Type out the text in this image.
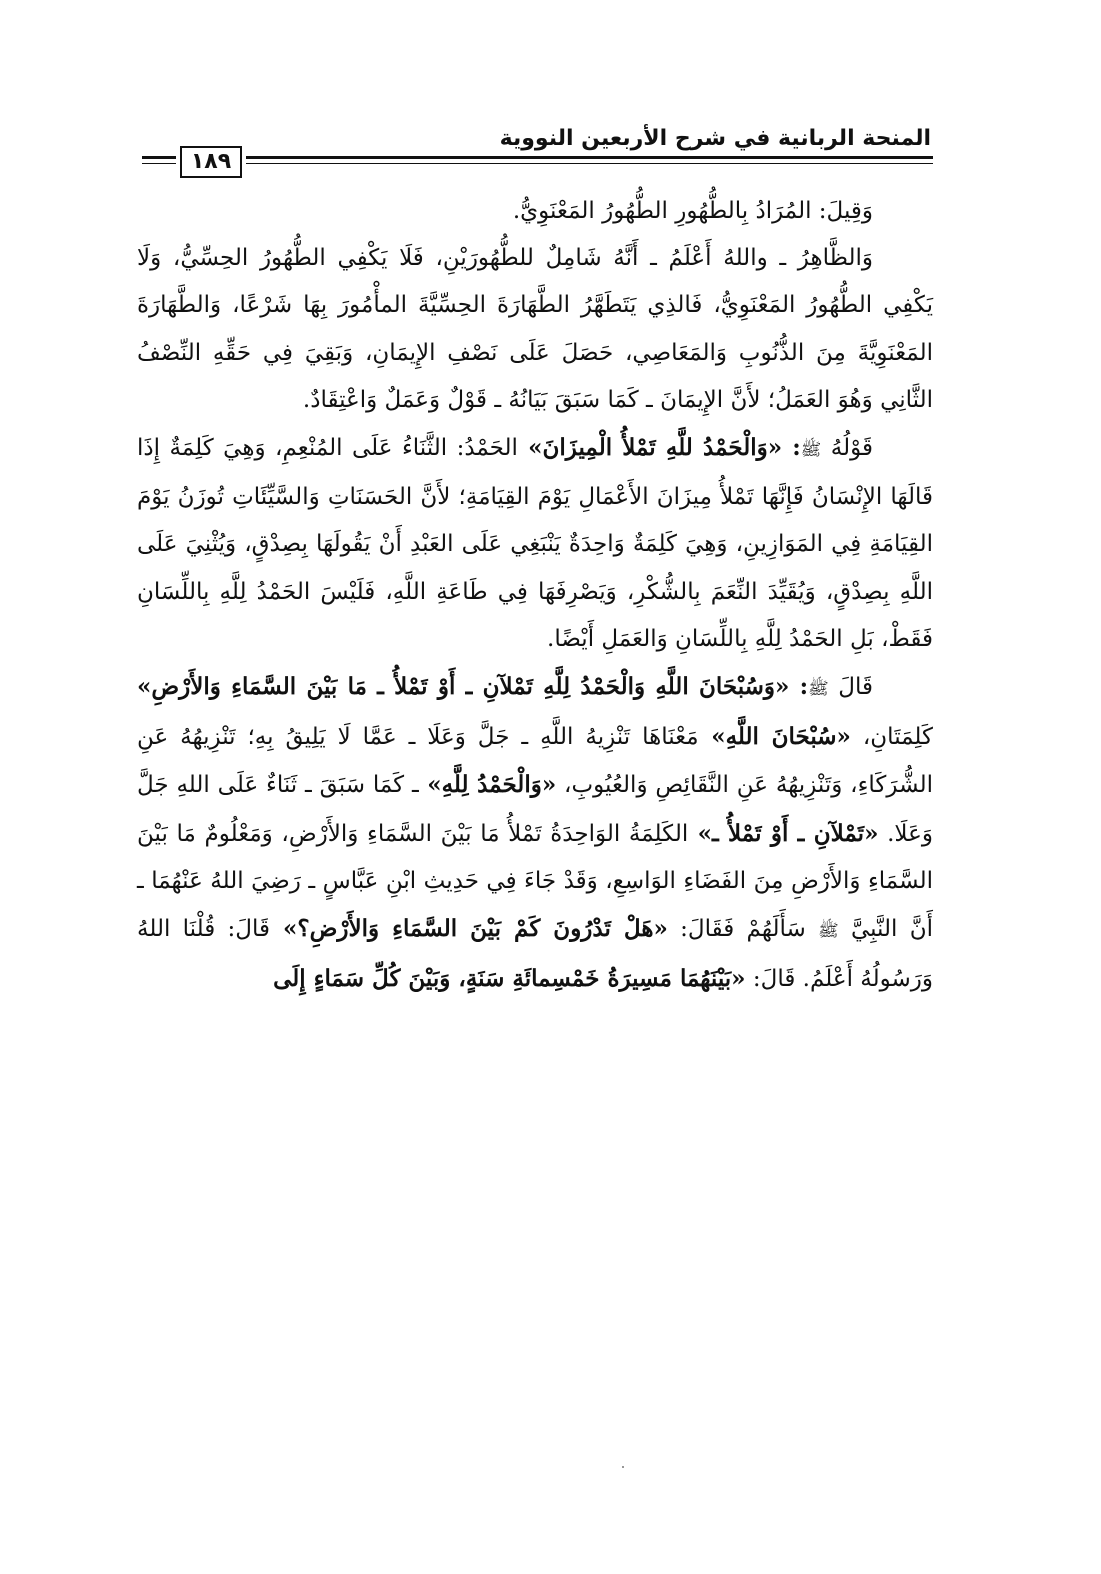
المنحة الربانية في شرح الأربعين النووية
١٨٩

وَقِيلَ: المُرَادُ بِالطُّهُورِ الطُّهُورُ المَعْنَوِيُّ.

وَالظَّاهِرُ ـ واللهُ أَعْلَمُ ـ أَنَّهُ شَامِلٌ للطُّهُورَيْنِ، فَلَا يَكْفِي الطُّهُورُ الحِسِّيُّ، وَلَا يَكْفِي الطُّهُورُ المَعْنَوِيُّ، فَالذِي يَتَطَهَّرُ الطَّهَارَةَ الحِسِّيَّةَ المأْمُورَ بِهَا شَرْعًا، وَالطَّهَارَةَ المَعْنَوِيَّةَ مِنَ الذُّنُوبِ وَالمَعَاصِي، حَصَلَ عَلَى نَصْفِ الإِيمَانِ، وَبَقِيَ فِي حَقِّهِ النِّصْفُ الثَّانِي وَهُوَ العَمَلُ؛ لأَنَّ الإِيمَانَ ـ كَمَا سَبَقَ بَيَانُهُ ـ قَوْلٌ وَعَمَلٌ وَاعْتِقَادٌ.

قَوْلُهُ ﷺ: «وَالْحَمْدُ للَّهِ تَمْلأُ الْمِيزَانَ» الحَمْدُ: الثَّنَاءُ عَلَى المُنْعِمِ، وَهِيَ كَلِمَةٌ إِذَا قَالَهَا الإِنْسَانُ فَإِنَّهَا تَمْلأُ مِيزَانَ الأَعْمَالِ يَوْمَ القِيَامَةِ؛ لأَنَّ الحَسَنَاتِ وَالسَّيِّئَاتِ تُوزَنُ يَوْمَ القِيَامَةِ فِي المَوَازِينِ، وَهِيَ كَلِمَةٌ وَاحِدَةٌ يَنْبَغِي عَلَى العَبْدِ أَنْ يَقُولَهَا بِصِدْقٍ، وَيُثْنِيَ عَلَى اللَّهِ بِصِدْقٍ، وَيُقَيِّدَ النِّعَمَ بِالشُّكْرِ، وَيَصْرِفَهَا فِي طَاعَةِ اللَّهِ، فَلَيْسَ الحَمْدُ لِلَّهِ بِاللِّسَانِ فَقَطْ، بَلِ الحَمْدُ لِلَّهِ بِاللِّسَانِ وَالعَمَلِ أَيْضًا.

قَالَ ﷺ: «وَسُبْحَانَ اللَّهِ وَالْحَمْدُ لِلَّهِ تَمْلآنِ ـ أَوْ تَمْلأُ ـ مَا بَيْنَ السَّمَاءِ وَالأَرْضِ» كَلِمَتَانِ، «سُبْحَانَ اللَّهِ» مَعْنَاهَا تَنْزِيهُ اللَّهِ ـ جَلَّ وَعَلَا ـ عَمَّا لَا يَلِيقُ بِهِ؛ تَنْزِيهُهُ عَنِ الشُّرَكَاءِ، وَتَنْزِيهُهُ عَنِ النَّقَائِصِ وَالعُيُوبِ، «وَالْحَمْدُ لِلَّهِ» ـ كَمَا سَبَقَ ـ ثَنَاءٌ عَلَى اللهِ جَلَّ وَعَلَا. «تَمْلآنِ ـ أَوْ تَمْلأُ ـ» الكَلِمَةُ الوَاحِدَةُ تَمْلأُ مَا بَيْنَ السَّمَاءِ وَالأَرْضِ، وَمَعْلُومٌ مَا بَيْنَ السَّمَاءِ وَالأَرْضِ مِنَ الفَضَاءِ الوَاسِعِ، وَقَدْ جَاءَ فِي حَدِيثِ ابْنِ عَبَّاسٍ ـ رَضِيَ اللهُ عَنْهُمَا ـ أَنَّ النَّبِيَّ ﷺ سَأَلَهُمْ فَقَالَ: «هَلْ تَدْرُونَ كَمْ بَيْنَ السَّمَاءِ وَالأَرْضِ؟» قَالَ: قُلْنَا اللهُ وَرَسُولُهُ أَعْلَمُ. قَالَ: «بَيْنَهُمَا مَسِيرَةُ خَمْسِمائَةِ سَنَةٍ، وَبَيْنَ كُلِّ سَمَاءٍ إِلَى
